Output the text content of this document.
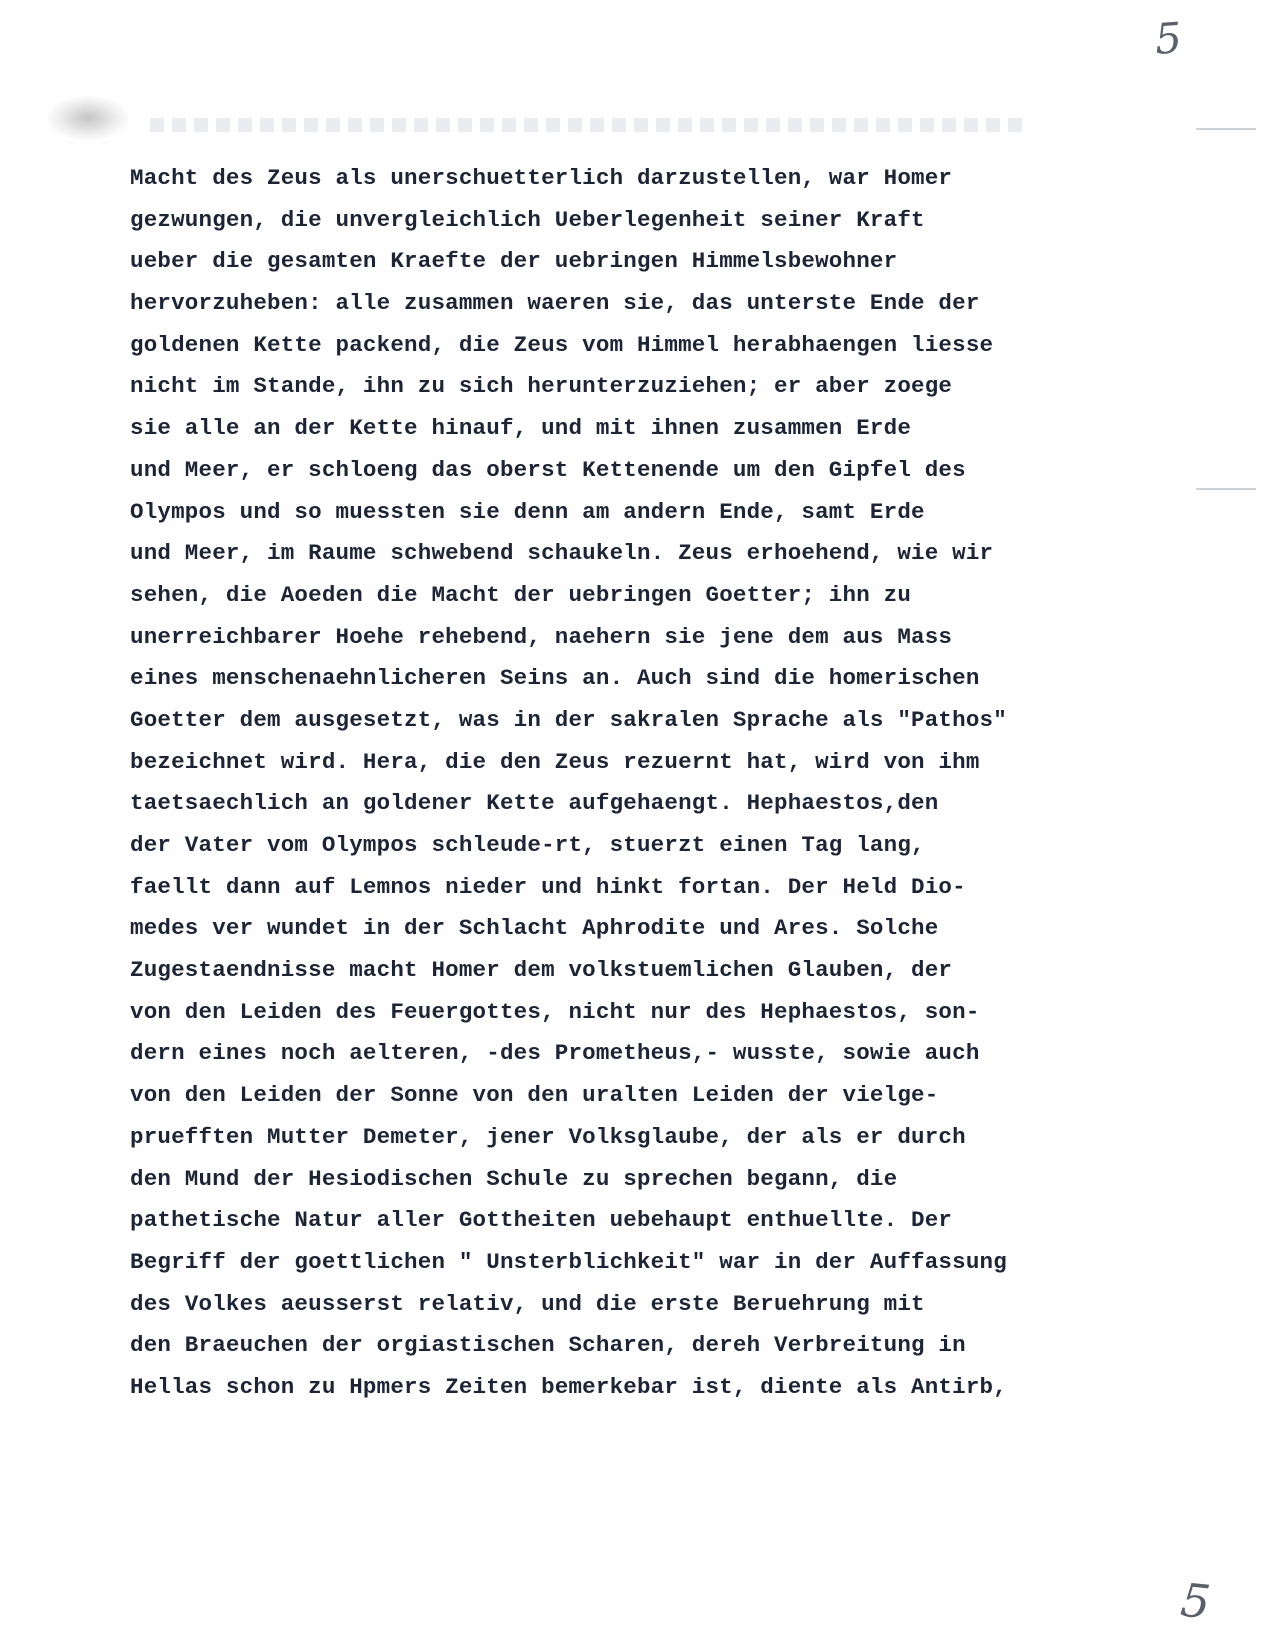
5
Macht des Zeus als unerschuetterlich darzustellen, war Homer
gezwungen, die unvergleichlich Ueberlegenheit seiner Kraft
ueber die gesamten Kraefte der uebringen Himmelsbewohner
hervorzuheben: alle zusammen waeren sie, das unterste Ende der
goldenen Kette packend, die Zeus vom Himmel herabhaengen liesse
nicht im Stande, ihn zu sich herunterzuziehen; er aber zoege
sie alle an der Kette hinauf, und mit ihnen zusammen Erde
und Meer, er schloeng das oberst Kettenende um den Gipfel des
Olympos und so muessten sie denn am andern Ende, samt Erde
und Meer, im Raume schwebend schaukeln. Zeus erhoehend, wie wir
sehen, die Aoeden die Macht der uebringen Goetter; ihn zu
unerreichbarer Hoehe rehebend, naehern sie jene dem aus Mass
eines menschenaehnlicheren Seins an. Auch sind die homerischen
Goetter dem ausgesetzt, was in der sakralen Sprache als "Pathos"
bezeichnet wird. Hera, die den Zeus rezuernt hat, wird von ihm
taetsaechlich an goldener Kette aufgehaengt. Hephaestos,den
der Vater vom Olympos schleude-rt, stuerzt einen Tag lang,
faellt dann auf Lemnos nieder und hinkt fortan. Der Held Dio-
medes ver wundet in der Schlacht Aphrodite und Ares. Solche
Zugestaendnisse macht Homer dem volkstuemlichen Glauben, der
von den Leiden des Feuergottes, nicht nur des Hephaestos, son-
dern eines noch aelteren, -des Prometheus,- wusste, sowie auch
von den Leiden der Sonne von den uralten Leiden der vielge-
pruefften Mutter Demeter, jener Volksglaube, der als er durch
den Mund der Hesiodischen Schule zu sprechen begann, die
pathetische Natur aller Gottheiten uebehaupt enthuellte. Der
Begriff der goettlichen " Unsterblichkeit" war in der Auffassung
des Volkes aeusserst relativ, und die erste Beruehrung mit
den Braeuchen der orgiastischen Scharen, dereh Verbreitung in
Hellas schon zu Hpmers Zeiten bemerkebar ist, diente als Antirb,
5
